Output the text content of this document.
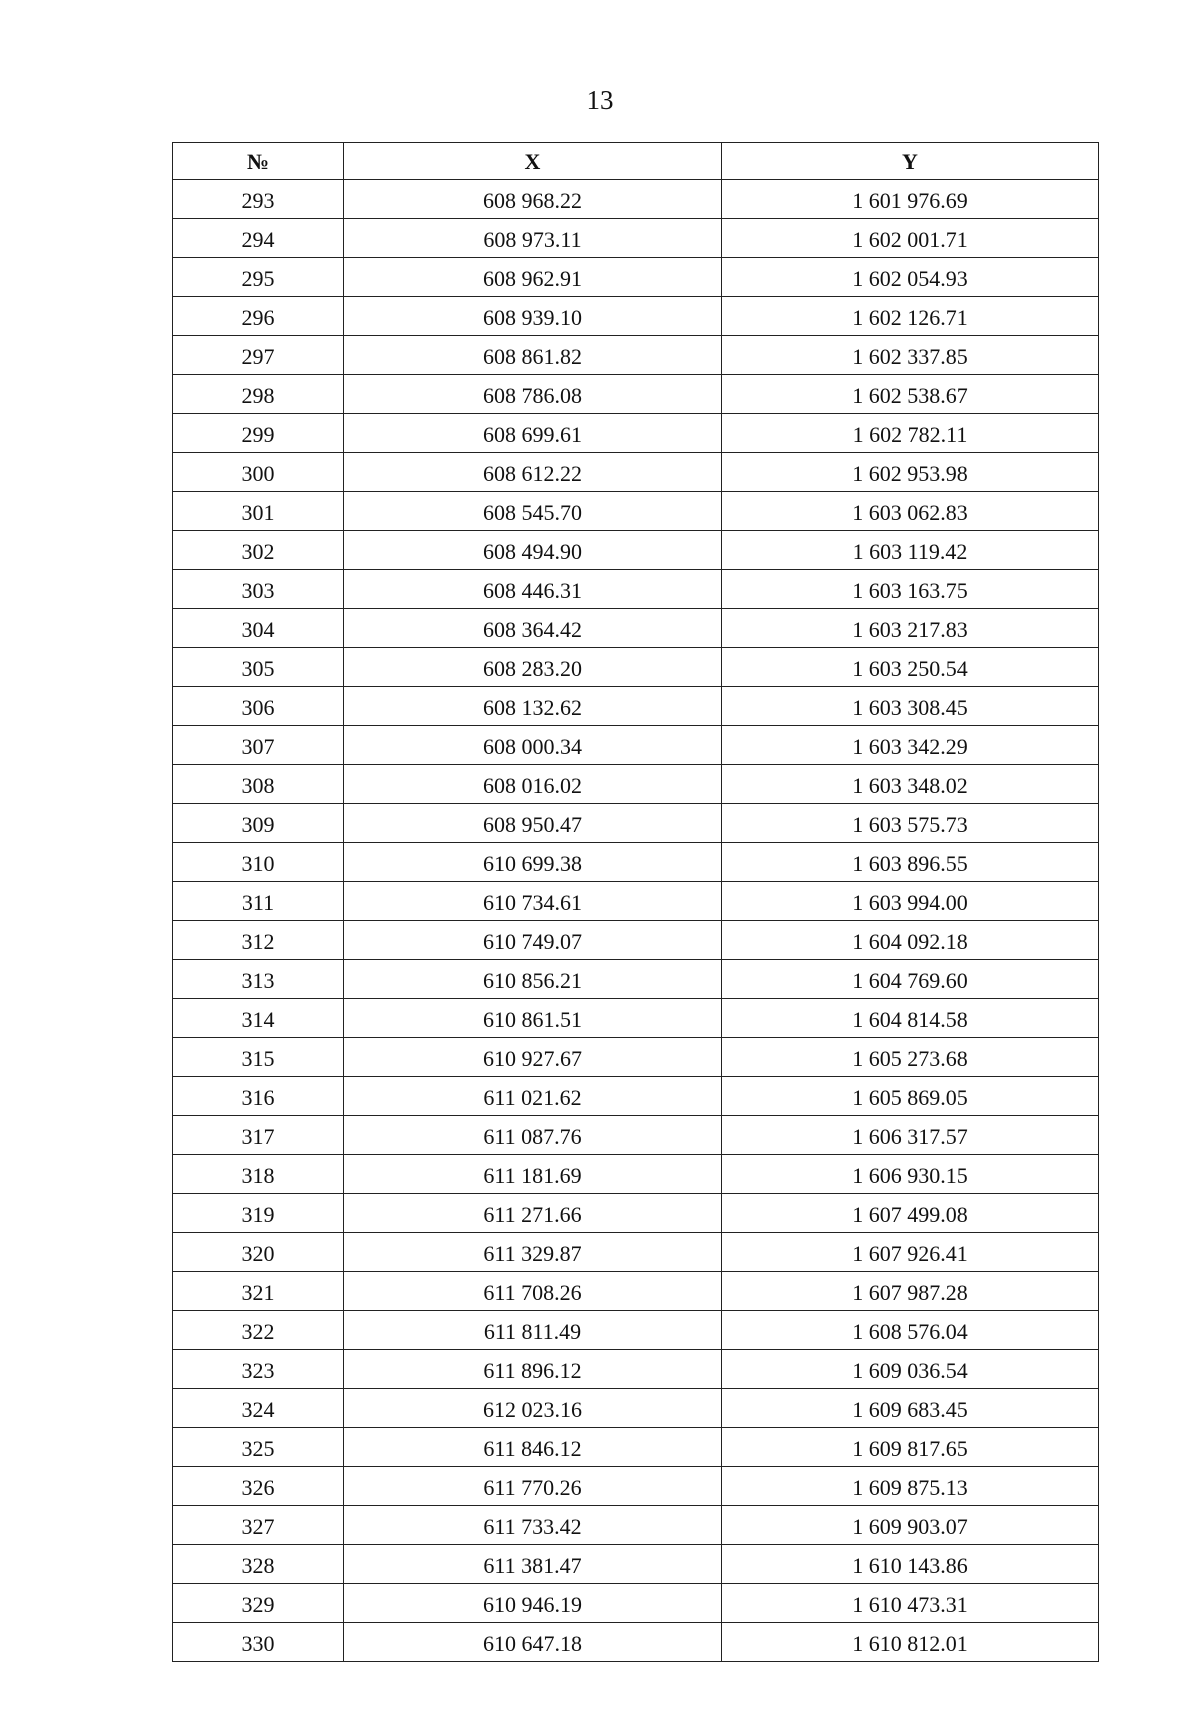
13
№	X	Y
293	608 968.22	1 601 976.69
294	608 973.11	1 602 001.71
295	608 962.91	1 602 054.93
296	608 939.10	1 602 126.71
297	608 861.82	1 602 337.85
298	608 786.08	1 602 538.67
299	608 699.61	1 602 782.11
300	608 612.22	1 602 953.98
301	608 545.70	1 603 062.83
302	608 494.90	1 603 119.42
303	608 446.31	1 603 163.75
304	608 364.42	1 603 217.83
305	608 283.20	1 603 250.54
306	608 132.62	1 603 308.45
307	608 000.34	1 603 342.29
308	608 016.02	1 603 348.02
309	608 950.47	1 603 575.73
310	610 699.38	1 603 896.55
311	610 734.61	1 603 994.00
312	610 749.07	1 604 092.18
313	610 856.21	1 604 769.60
314	610 861.51	1 604 814.58
315	610 927.67	1 605 273.68
316	611 021.62	1 605 869.05
317	611 087.76	1 606 317.57
318	611 181.69	1 606 930.15
319	611 271.66	1 607 499.08
320	611 329.87	1 607 926.41
321	611 708.26	1 607 987.28
322	611 811.49	1 608 576.04
323	611 896.12	1 609 036.54
324	612 023.16	1 609 683.45
325	611 846.12	1 609 817.65
326	611 770.26	1 609 875.13
327	611 733.42	1 609 903.07
328	611 381.47	1 610 143.86
329	610 946.19	1 610 473.31
330	610 647.18	1 610 812.01
